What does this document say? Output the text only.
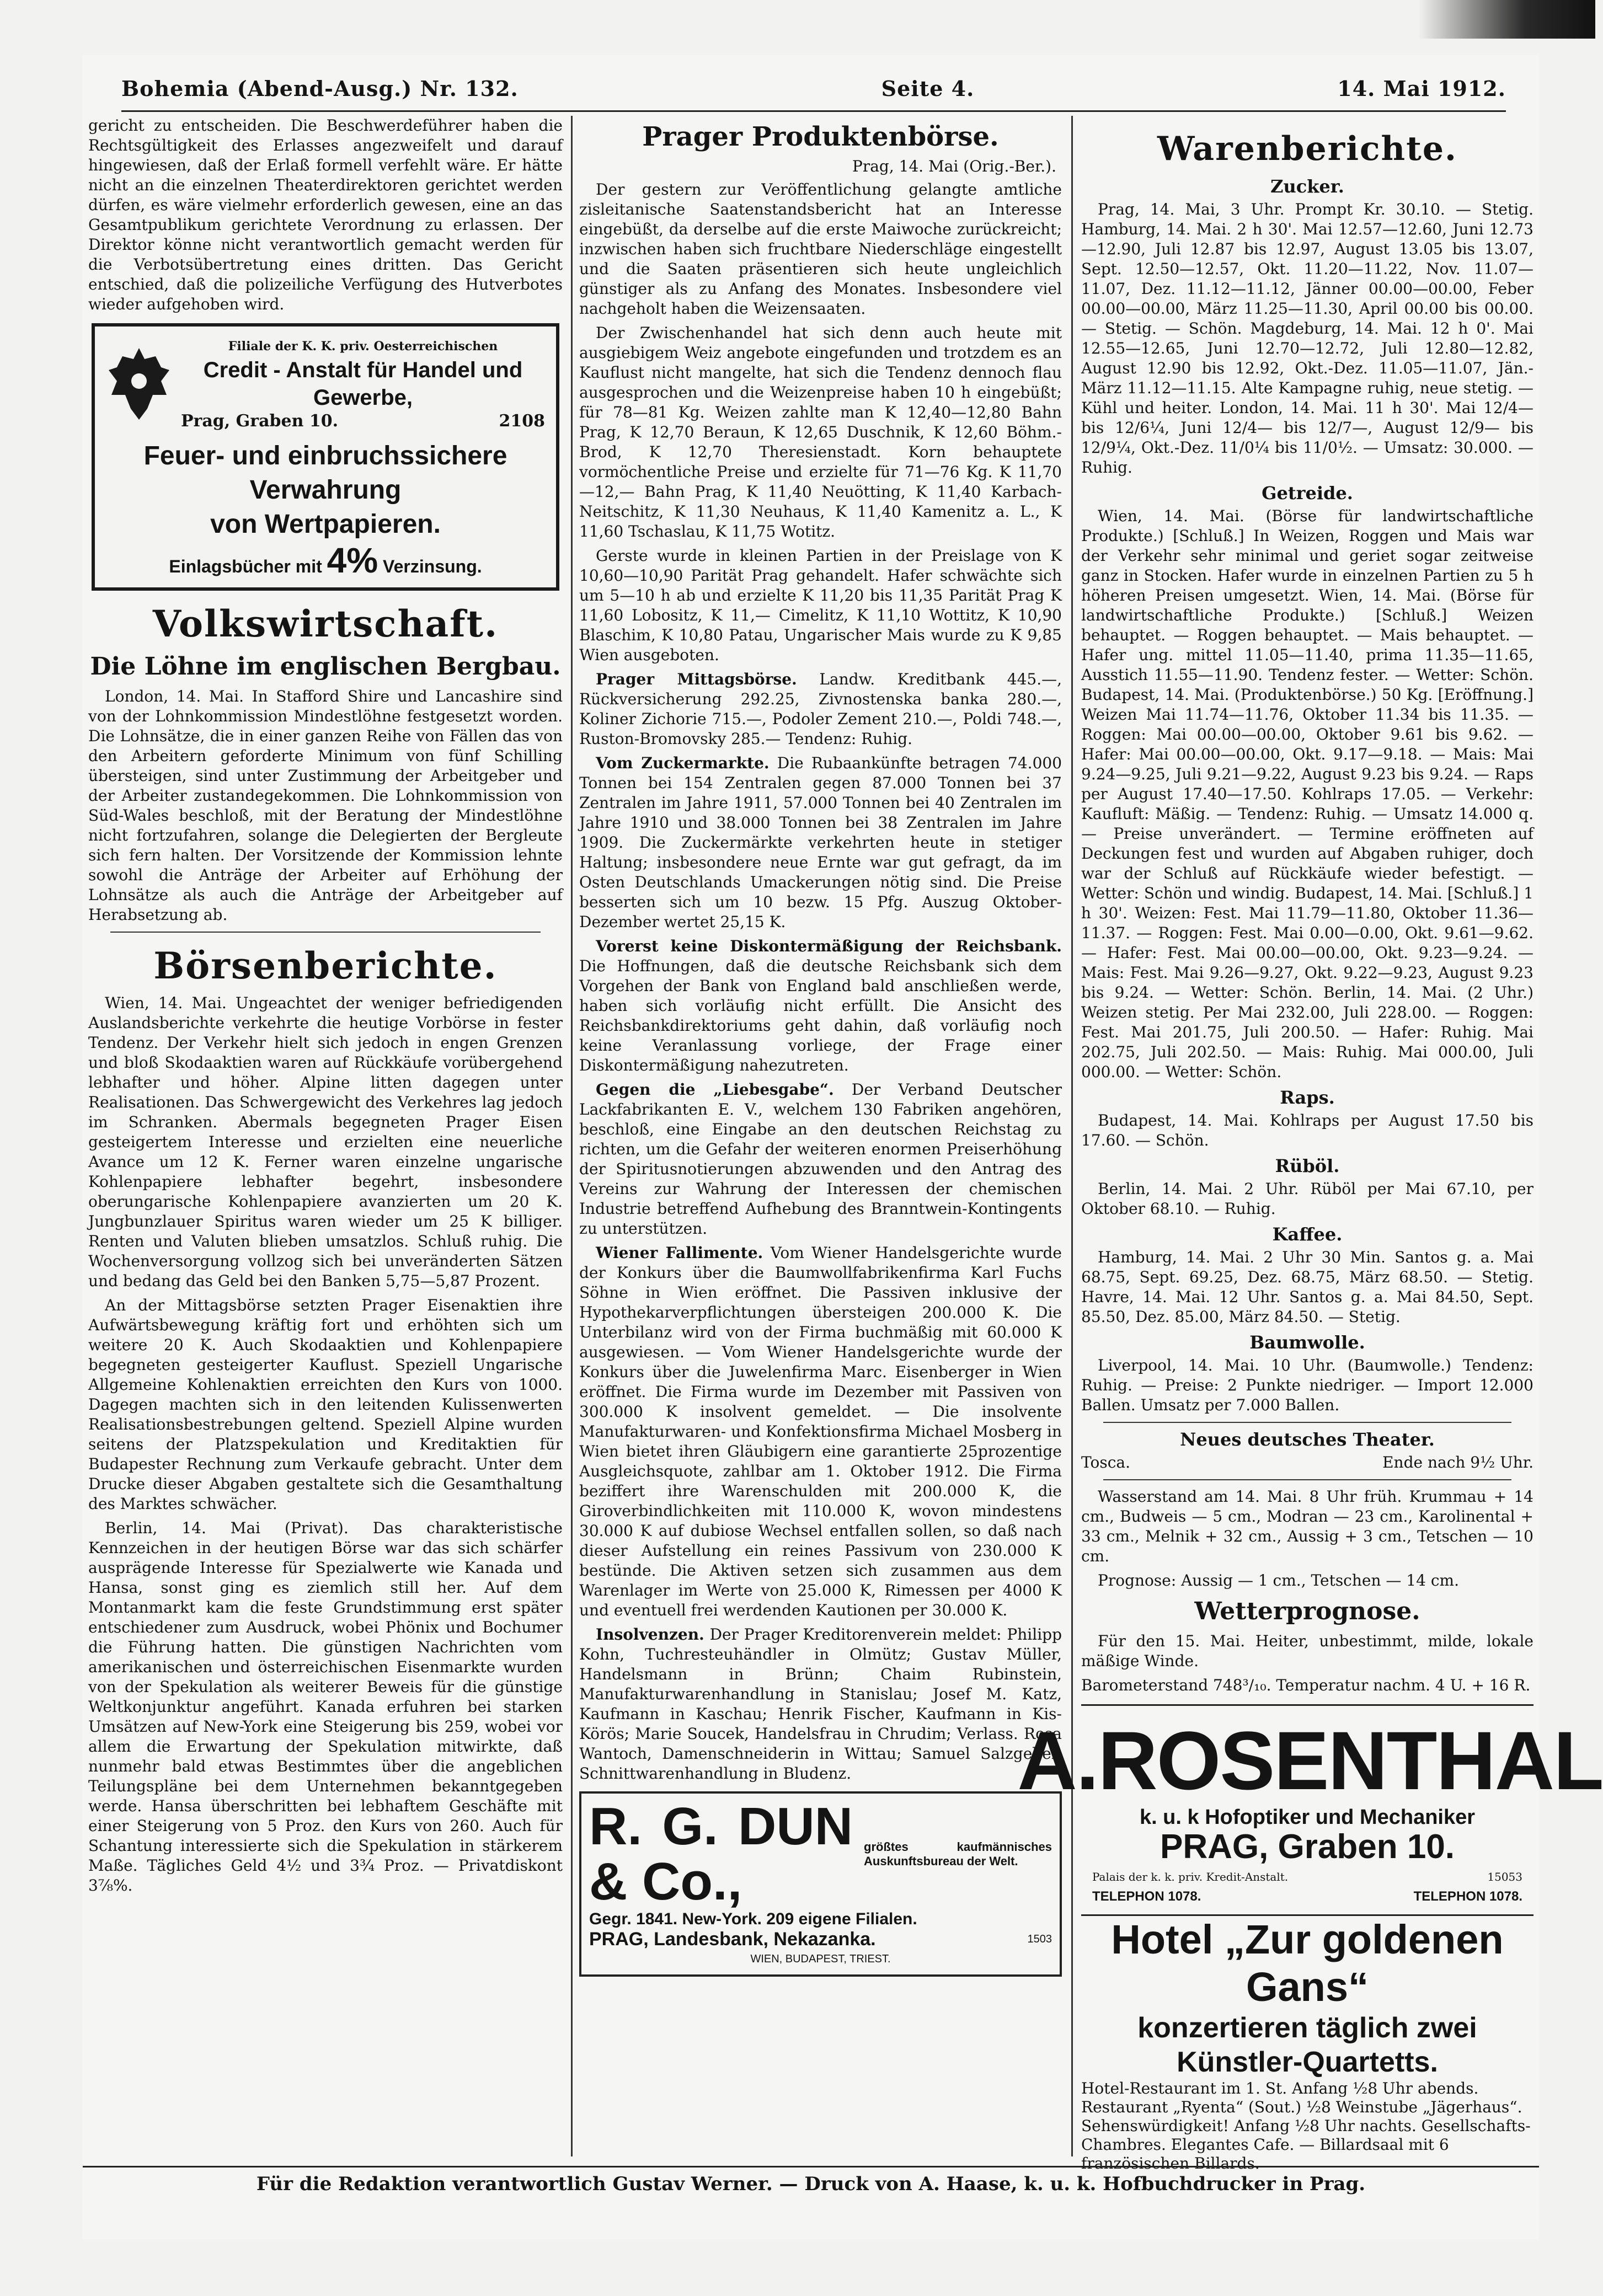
Bohemia (Abend-Ausg.) Nr. 132.	Seite 4.	14. Mai 1912.

gericht zu entscheiden. Die Beschwerdeführer haben die Rechtsgültigkeit des Erlasses angezweifelt und darauf hingewiesen, daß der Erlaß formell verfehlt wäre. Er hätte nicht an die einzelnen Theaterdirektoren gerichtet werden dürfen, es wäre vielmehr erforderlich gewesen, eine an das Gesamtpublikum gerichtete Verordnung zu erlassen. Der Direktor könne nicht verantwortlich gemacht werden für die Verbotsübertretung eines dritten. Das Gericht entschied, daß die polizeiliche Verfügung des Hutverbotes wieder aufgehoben wird.

Filiale der K. K. priv. Oesterreichischen
Credit - Anstalt für Handel und Gewerbe,
Prag, Graben 10.	2108
Feuer- und einbruchssichere Verwahrung
von Wertpapieren.
Einlagsbücher mit 4% Verzinsung.
Volkswirtschaft.
Die Löhne im englischen Bergbau.

London, 14. Mai. In Stafford Shire und Lancashire sind von der Lohnkommission Mindestlöhne festgesetzt worden. Die Lohnsätze, die in einer ganzen Reihe von Fällen das von den Arbeitern geforderte Minimum von fünf Schilling übersteigen, sind unter Zustimmung der Arbeitgeber und der Arbeiter zustandegekommen. Die Lohnkommission von Süd-Wales beschloß, mit der Beratung der Mindestlöhne nicht fortzufahren, solange die Delegierten der Bergleute sich fern halten. Der Vorsitzende der Kommission lehnte sowohl die Anträge der Arbeiter auf Erhöhung der Lohnsätze als auch die Anträge der Arbeitgeber auf Herabsetzung ab.

Börsenberichte.

Wien, 14. Mai. Ungeachtet der weniger befriedigenden Auslandsberichte verkehrte die heutige Vorbörse in fester Tendenz. Der Verkehr hielt sich jedoch in engen Grenzen und bloß Skodaaktien waren auf Rückkäufe vorübergehend lebhafter und höher. Alpine litten dagegen unter Realisationen. Das Schwergewicht des Verkehres lag jedoch im Schranken. Abermals begegneten Prager Eisen gesteigertem Interesse und erzielten eine neuerliche Avance um 12 K. Ferner waren einzelne ungarische Kohlenpapiere lebhafter begehrt, insbesondere oberungarische Kohlenpapiere avanzierten um 20 K. Jungbunzlauer Spiritus waren wieder um 25 K billiger. Renten und Valuten blieben umsatzlos. Schluß ruhig. Die Wochenversorgung vollzog sich bei unveränderten Sätzen und bedang das Geld bei den Banken 5,75—5,87 Prozent.

An der Mittagsbörse setzten Prager Eisenaktien ihre Aufwärtsbewegung kräftig fort und erhöhten sich um weitere 20 K. Auch Skodaaktien und Kohlenpapiere begegneten gesteigerter Kauflust. Speziell Ungarische Allgemeine Kohlenaktien erreichten den Kurs von 1000. Dagegen machten sich in den leitenden Kulissenwerten Realisationsbestrebungen geltend. Speziell Alpine wurden seitens der Platzspekulation und Kreditaktien für Budapester Rechnung zum Verkaufe gebracht. Unter dem Drucke dieser Abgaben gestaltete sich die Gesamthaltung des Marktes schwächer.

Berlin, 14. Mai (Privat). Das charakteristische Kennzeichen in der heutigen Börse war das sich schärfer ausprägende Interesse für Spezialwerte wie Kanada und Hansa, sonst ging es ziemlich still her. Auf dem Montanmarkt kam die feste Grundstimmung erst später entschiedener zum Ausdruck, wobei Phönix und Bochumer die Führung hatten. Die günstigen Nachrichten vom amerikanischen und österreichischen Eisenmarkte wurden von der Spekulation als weiterer Beweis für die günstige Weltkonjunktur angeführt. Kanada erfuhren bei starken Umsätzen auf New-York eine Steigerung bis 259, wobei vor allem die Erwartung der Spekulation mitwirkte, daß nunmehr bald etwas Bestimmtes über die angeblichen Teilungspläne bei dem Unternehmen bekanntgegeben werde. Hansa überschritten bei lebhaftem Geschäfte mit einer Steigerung von 5 Proz. den Kurs von 260. Auch für Schantung interessierte sich die Spekulation in stärkerem Maße. Tägliches Geld 4½ und 3¾ Proz. — Privatdiskont 3⅞%.

Prager Produktenbörse.
Prag, 14. Mai (Orig.-Ber.).

Der gestern zur Veröffentlichung gelangte amtliche zisleitanische Saatenstandsbericht hat an Interesse eingebüßt, da derselbe auf die erste Maiwoche zurückreicht; inzwischen haben sich fruchtbare Niederschläge eingestellt und die Saaten präsentieren sich heute ungleichlich günstiger als zu Anfang des Monates. Insbesondere viel nachgeholt haben die Weizensaaten.

Der Zwischenhandel hat sich denn auch heute mit ausgiebigem Weiz angebote eingefunden und trotzdem es an Kauflust nicht mangelte, hat sich die Tendenz dennoch flau ausgesprochen und die Weizenpreise haben 10 h eingebüßt; für 78—81 Kg. Weizen zahlte man K 12,40—12,80 Bahn Prag, K 12,70 Beraun, K 12,65 Duschnik, K 12,60 Böhm.-Brod, K 12,70 Theresienstadt. Korn behauptete vormöchentliche Preise und erzielte für 71—76 Kg. K 11,70—12,— Bahn Prag, K 11,40 Neuötting, K 11,40 Karbach-Neitschitz, K 11,30 Neuhaus, K 11,40 Kamenitz a. L., K 11,60 Tschaslau, K 11,75 Wotitz.

Gerste wurde in kleinen Partien in der Preislage von K 10,60—10,90 Parität Prag gehandelt. Hafer schwächte sich um 5—10 h ab und erzielte K 11,20 bis 11,35 Parität Prag K 11,60 Lobositz, K 11,— Cimelitz, K 11,10 Wottitz, K 10,90 Blaschim, K 10,80 Patau, Ungarischer Mais wurde zu K 9,85 Wien ausgeboten.

Prager Mittagsbörse. Landw. Kreditbank 445.—, Rückversicherung 292.25, Zivnostenska banka 280.—, Koliner Zichorie 715.—, Podoler Zement 210.—, Poldi 748.—, Ruston-Bromovsky 285.— Tendenz: Ruhig.

Vom Zuckermarkte. Die Rubaankünfte betragen 74.000 Tonnen bei 154 Zentralen gegen 87.000 Tonnen bei 37 Zentralen im Jahre 1911, 57.000 Tonnen bei 40 Zentralen im Jahre 1910 und 38.000 Tonnen bei 38 Zentralen im Jahre 1909. Die Zuckermärkte verkehrten heute in stetiger Haltung; insbesondere neue Ernte war gut gefragt, da im Osten Deutschlands Umackerungen nötig sind. Die Preise besserten sich um 10 bezw. 15 Pfg. Auszug Oktober-Dezember wertet 25,15 K.

Vorerst keine Diskontermäßigung der Reichsbank. Die Hoffnungen, daß die deutsche Reichsbank sich dem Vorgehen der Bank von England bald anschließen werde, haben sich vorläufig nicht erfüllt. Die Ansicht des Reichsbankdirektoriums geht dahin, daß vorläufig noch keine Veranlassung vorliege, der Frage einer Diskontermäßigung nahezutreten.

Gegen die „Liebesgabe“. Der Verband Deutscher Lackfabrikanten E. V., welchem 130 Fabriken angehören, beschloß, eine Eingabe an den deutschen Reichstag zu richten, um die Gefahr der weiteren enormen Preiserhöhung der Spiritusnotierungen abzuwenden und den Antrag des Vereins zur Wahrung der Interessen der chemischen Industrie betreffend Aufhebung des Branntwein-Kontingents zu unterstützen.

Wiener Fallimente. Vom Wiener Handelsgerichte wurde der Konkurs über die Baumwollfabrikenfirma Karl Fuchs Söhne in Wien eröffnet. Die Passiven inklusive der Hypothekarverpflichtungen übersteigen 200.000 K. Die Unterbilanz wird von der Firma buchmäßig mit 60.000 K ausgewiesen. — Vom Wiener Handelsgerichte wurde der Konkurs über die Juwelenfirma Marc. Eisenberger in Wien eröffnet. Die Firma wurde im Dezember mit Passiven von 300.000 K insolvent gemeldet. — Die insolvente Manufakturwaren- und Konfektionsfirma Michael Mosberg in Wien bietet ihren Gläubigern eine garantierte 25prozentige Ausgleichsquote, zahlbar am 1. Oktober 1912. Die Firma beziffert ihre Warenschulden mit 200.000 K, die Giroverbindlichkeiten mit 110.000 K, wovon mindestens 30.000 K auf dubiose Wechsel entfallen sollen, so daß nach dieser Aufstellung ein reines Passivum von 230.000 K bestünde. Die Aktiven setzen sich zusammen aus dem Warenlager im Werte von 25.000 K, Rimessen per 4000 K und eventuell frei werdenden Kautionen per 30.000 K.

Insolvenzen. Der Prager Kreditorenverein meldet: Philipp Kohn, Tuchresteuhändler in Olmütz; Gustav Müller, Handelsmann in Brünn; Chaim Rubinstein, Manufakturwarenhandlung in Stanislau; Josef M. Katz, Kaufmann in Kaschau; Henrik Fischer, Kaufmann in Kis-Körös; Marie Soucek, Handelsfrau in Chrudim; Verlass. Rosa Wantoch, Damenschneiderin in Wittau; Samuel Salzgeber, Schnittwarenhandlung in Bludenz.

R. G. DUN & Co.,
größtes kaufmännisches Auskunftsbureau der Welt.
Gegr. 1841. New-York. 209 eigene Filialen.
PRAG, Landesbank, Nekazanka.	1503
WIEN, BUDAPEST, TRIEST.
Warenberichte.
Zucker.

Prag, 14. Mai, 3 Uhr. Prompt Kr. 30.10. — Stetig. Hamburg, 14. Mai. 2 h 30'. Mai 12.57—12.60, Juni 12.73—12.90, Juli 12.87 bis 12.97, August 13.05 bis 13.07, Sept. 12.50—12.57, Okt. 11.20—11.22, Nov. 11.07—11.07, Dez. 11.12—11.12, Jänner 00.00—00.00, Feber 00.00—00.00, März 11.25—11.30, April 00.00 bis 00.00. — Stetig. — Schön. Magdeburg, 14. Mai. 12 h 0'. Mai 12.55—12.65, Juni 12.70—12.72, Juli 12.80—12.82, August 12.90 bis 12.92, Okt.-Dez. 11.05—11.07, Jän.-März 11.12—11.15. Alte Kampagne ruhig, neue stetig. — Kühl und heiter. London, 14. Mai. 11 h 30'. Mai 12/4— bis 12/6¼, Juni 12/4— bis 12/7—, August 12/9— bis 12/9¼, Okt.-Dez. 11/0¼ bis 11/0½. — Umsatz: 30.000. — Ruhig.

Getreide.

Wien, 14. Mai. (Börse für landwirtschaftliche Produkte.) [Schluß.] In Weizen, Roggen und Mais war der Verkehr sehr minimal und geriet sogar zeitweise ganz in Stocken. Hafer wurde in einzelnen Partien zu 5 h höheren Preisen umgesetzt. Wien, 14. Mai. (Börse für landwirtschaftliche Produkte.) [Schluß.] Weizen behauptet. — Roggen behauptet. — Mais behauptet. — Hafer ung. mittel 11.05—11.40, prima 11.35—11.65, Ausstich 11.55—11.90. Tendenz fester. — Wetter: Schön. Budapest, 14. Mai. (Produktenbörse.) 50 Kg. [Eröffnung.] Weizen Mai 11.74—11.76, Oktober 11.34 bis 11.35. — Roggen: Mai 00.00—00.00, Oktober 9.61 bis 9.62. — Hafer: Mai 00.00—00.00, Okt. 9.17—9.18. — Mais: Mai 9.24—9.25, Juli 9.21—9.22, August 9.23 bis 9.24. — Raps per August 17.40—17.50. Kohlraps 17.05. — Verkehr: Kaufluft: Mäßig. — Tendenz: Ruhig. — Umsatz 14.000 q. — Preise unverändert. — Termine eröffneten auf Deckungen fest und wurden auf Abgaben ruhiger, doch war der Schluß auf Rückkäufe wieder befestigt. — Wetter: Schön und windig. Budapest, 14. Mai. [Schluß.] 1 h 30'. Weizen: Fest. Mai 11.79—11.80, Oktober 11.36—11.37. — Roggen: Fest. Mai 0.00—0.00, Okt. 9.61—9.62. — Hafer: Fest. Mai 00.00—00.00, Okt. 9.23—9.24. — Mais: Fest. Mai 9.26—9.27, Okt. 9.22—9.23, August 9.23 bis 9.24. — Wetter: Schön. Berlin, 14. Mai. (2 Uhr.) Weizen stetig. Per Mai 232.00, Juli 228.00. — Roggen: Fest. Mai 201.75, Juli 200.50. — Hafer: Ruhig. Mai 202.75, Juli 202.50. — Mais: Ruhig. Mai 000.00, Juli 000.00. — Wetter: Schön.

Raps.

Budapest, 14. Mai. Kohlraps per August 17.50 bis 17.60. — Schön.

Rüböl.

Berlin, 14. Mai. 2 Uhr. Rüböl per Mai 67.10, per Oktober 68.10. — Ruhig.

Kaffee.

Hamburg, 14. Mai. 2 Uhr 30 Min. Santos g. a. Mai 68.75, Sept. 69.25, Dez. 68.75, März 68.50. — Stetig. Havre, 14. Mai. 12 Uhr. Santos g. a. Mai 84.50, Sept. 85.50, Dez. 85.00, März 84.50. — Stetig.

Baumwolle.

Liverpool, 14. Mai. 10 Uhr. (Baumwolle.) Tendenz: Ruhig. — Preise: 2 Punkte niedriger. — Import 12.000 Ballen. Umsatz per 7.000 Ballen.

Neues deutsches Theater.
Tosca.	Ende nach 9½ Uhr.

Wasserstand am 14. Mai. 8 Uhr früh. Krummau + 14 cm., Budweis — 5 cm., Modran — 23 cm., Karolinental + 33 cm., Melnik + 32 cm., Aussig + 3 cm., Tetschen — 10 cm.

Prognose: Aussig — 1 cm., Tetschen — 14 cm.

Wetterprognose.

Für den 15. Mai. Heiter, unbestimmt, milde, lokale mäßige Winde.

Barometerstand 748³/₁₀. Temperatur nachm. 4 U. + 16 R.

A.ROSENTHAL
k. u. k Hofoptiker und Mechaniker
PRAG, Graben 10.
Palais der k. k. priv. Kredit-Anstalt.	15053
TELEPHON 1078.	TELEPHON 1078.
Hotel „Zur goldenen Gans“
konzertieren täglich zwei Künstler-Quartetts.
Hotel-Restaurant im 1. St. Anfang ½8 Uhr abends. Restaurant „Ryenta“ (Sout.) ½8 Weinstube „Jägerhaus“. Sehenswürdigkeit! Anfang ½8 Uhr nachts. Gesellschafts-Chambres. Elegantes Cafe. — Billardsaal mit 6 französischen Billards.
Für die Redaktion verantwortlich Gustav Werner. — Druck von A. Haase, k. u. k. Hofbuchdrucker in Prag.
